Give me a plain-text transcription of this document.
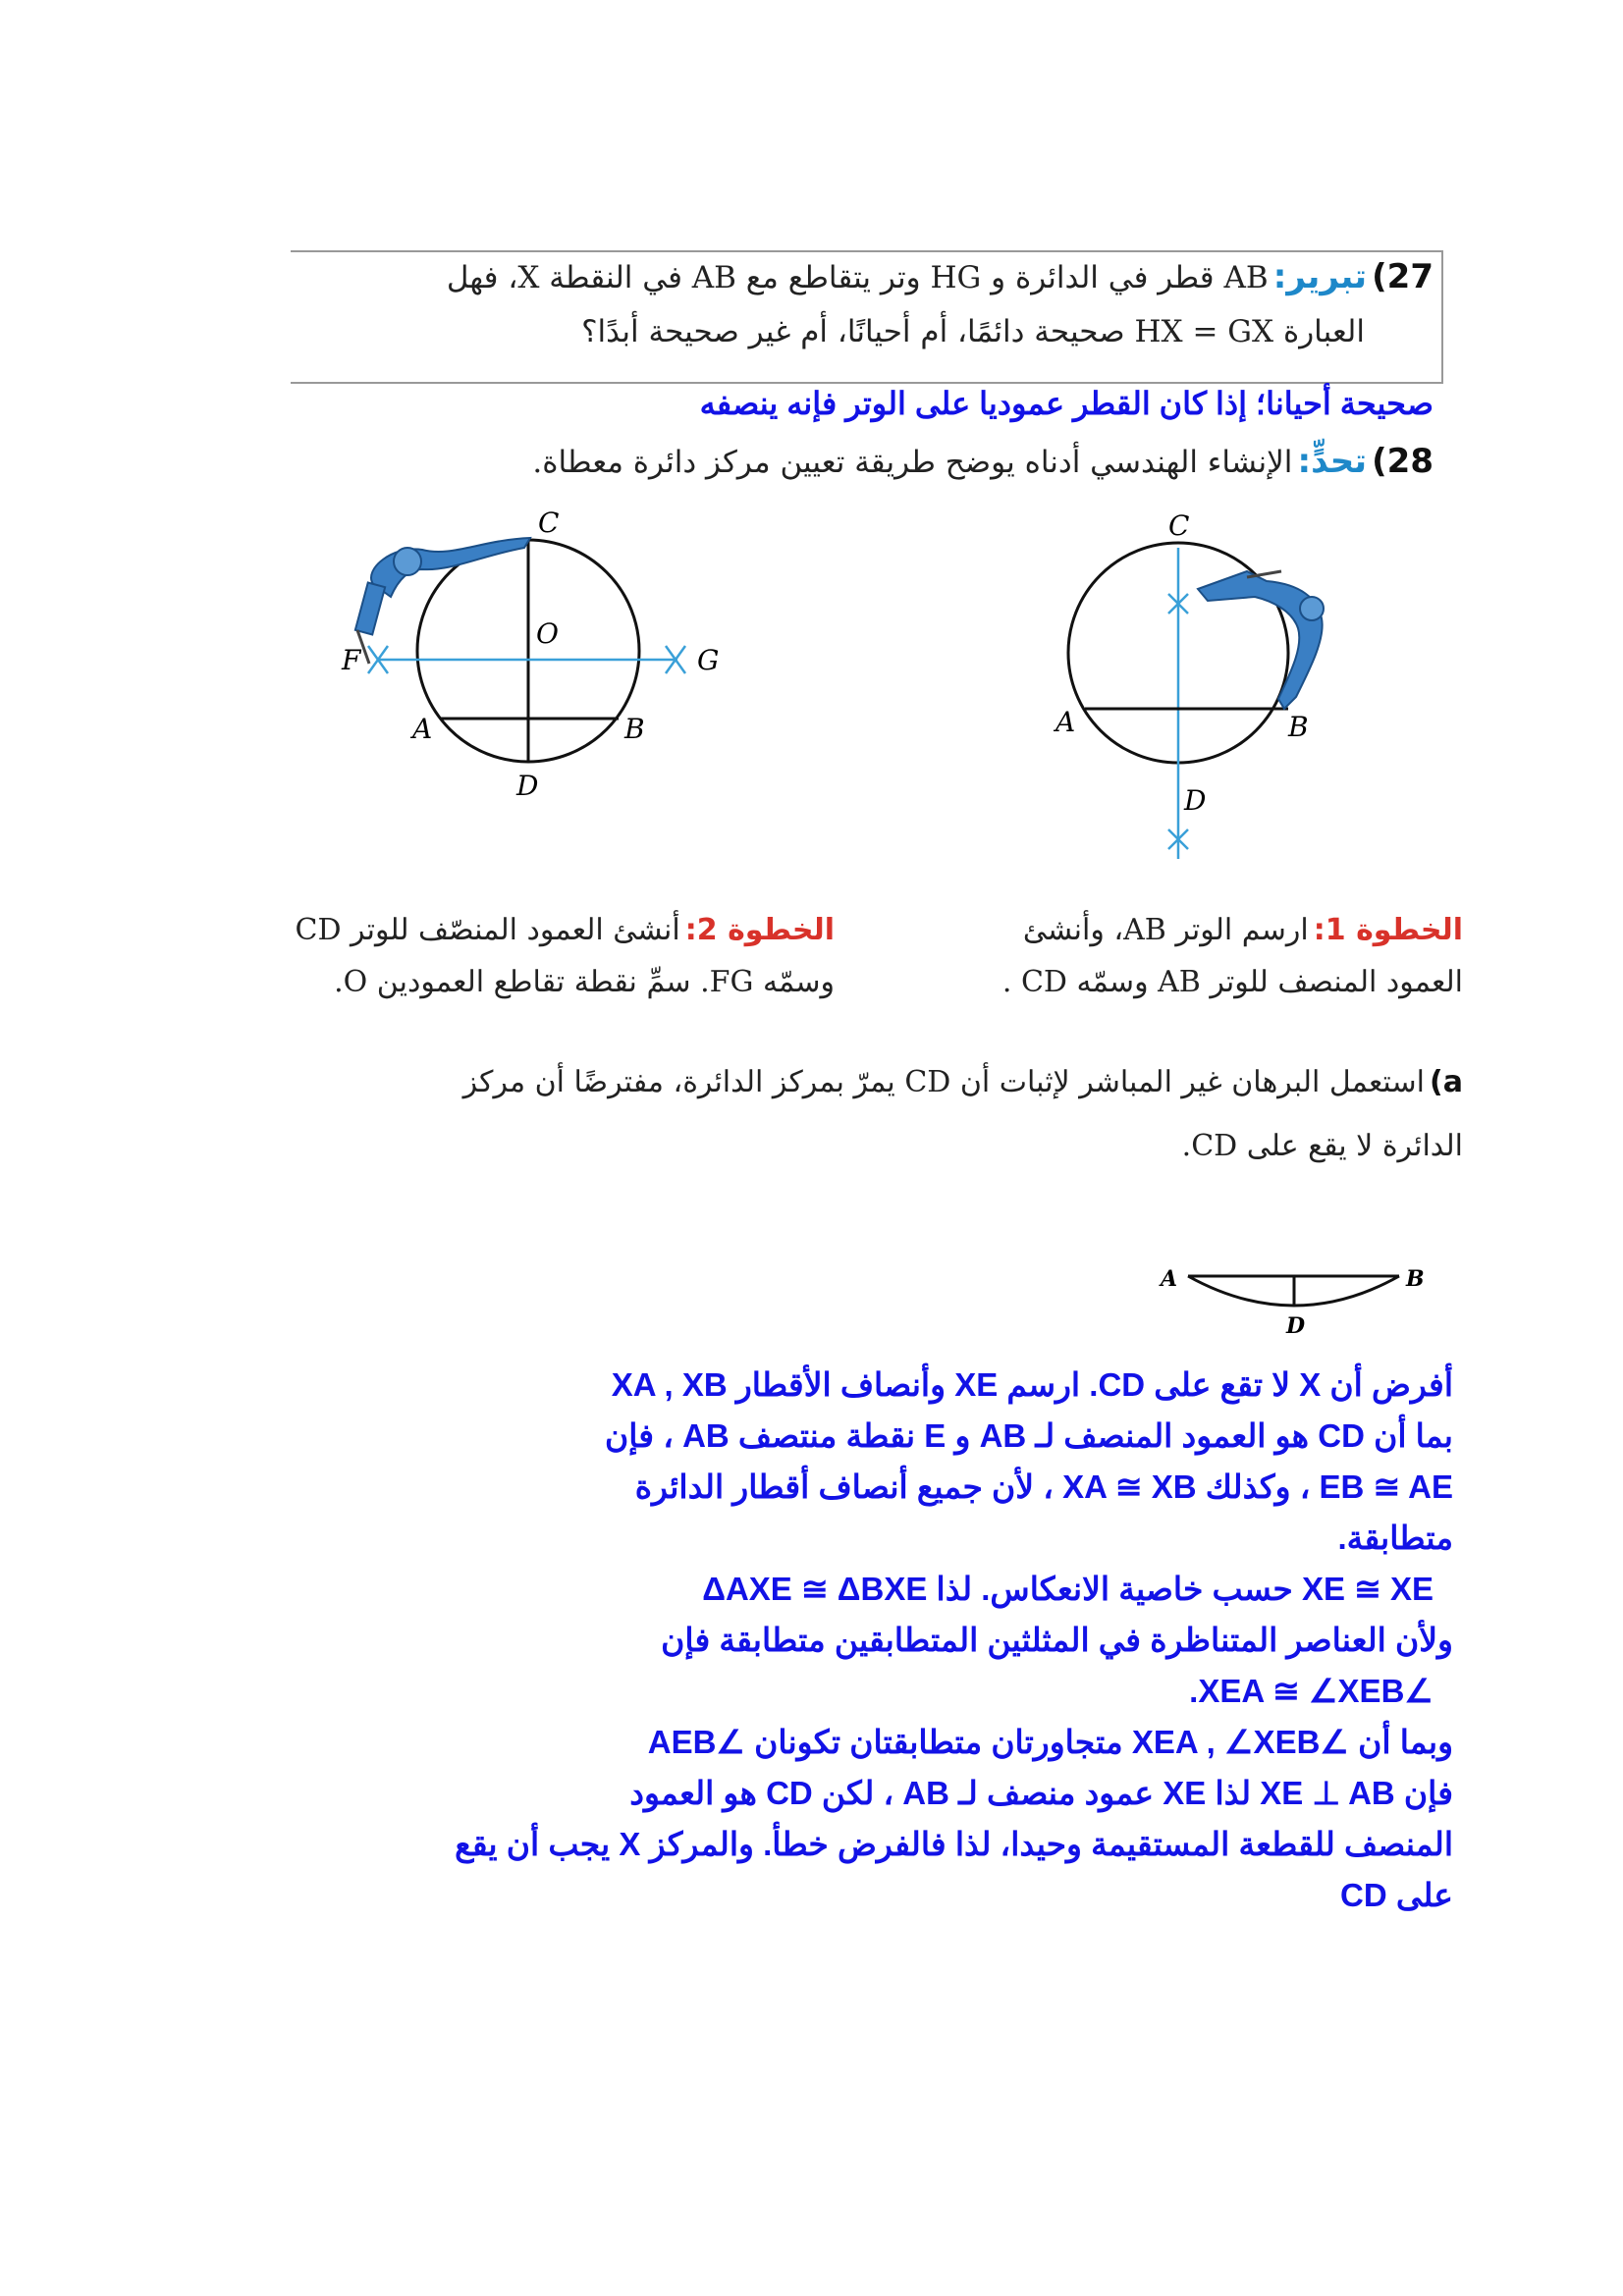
27) تبرير: AB قطر في الدائرة و HG وتر يتقاطع مع AB في النقطة X، فهل
العبارة HX = GX صحيحة دائمًا، أم أحيانًا، أم غير صحيحة أبدًا؟
صحيحة أحيانا؛ إذا كان القطر عموديا على الوتر فإنه ينصفه
28) تحدٍّ: الإنشاء الهندسي أدناه يوضح طريقة تعيين مركز دائرة معطاة.
C
O
F	G
A	B
D
C
A	B
D
الخطوة 2: أنشئ العمود المنصّف للوتر CD
وسمّه FG. سمِّ نقطة تقاطع العمودين O.
الخطوة 1: ارسم الوتر AB، وأنشئ
العمود المنصف للوتر AB وسمّه CD .
a) استعمل البرهان غير المباشر لإثبات أن CD يمرّ بمركز الدائرة، مفترضًا أن مركز
الدائرة لا يقع على CD.
A	B
D
أفرض أن X لا تقع على CD. ارسم XE وأنصاف الأقطار XA , XB
بما أن CD هو العمود المنصف لـ AB و E نقطة منتصف AB ، فإن
EB ≅ AE ، وكذلك XA ≅ XB ، لأن جميع أنصاف أقطار الدائرة
متطابقة.
XE ≅ XE حسب خاصية الانعكاس. لذا ΔAXE ≅ ΔBXE
ولأن العناصر المتناظرة في المثلثين المتطابقين متطابقة فإن
∠XEA ≅ ∠XEB.
وبما أن ∠XEA , ∠XEB متجاورتان متطابقتان تكونان ∠AEB
فإن XE ⊥ AB لذا XE عمود منصف لـ AB ، لكن CD هو العمود
المنصف للقطعة المستقيمة وحيدا، لذا فالفرض خطأ. والمركز X يجب أن يقع
على CD
